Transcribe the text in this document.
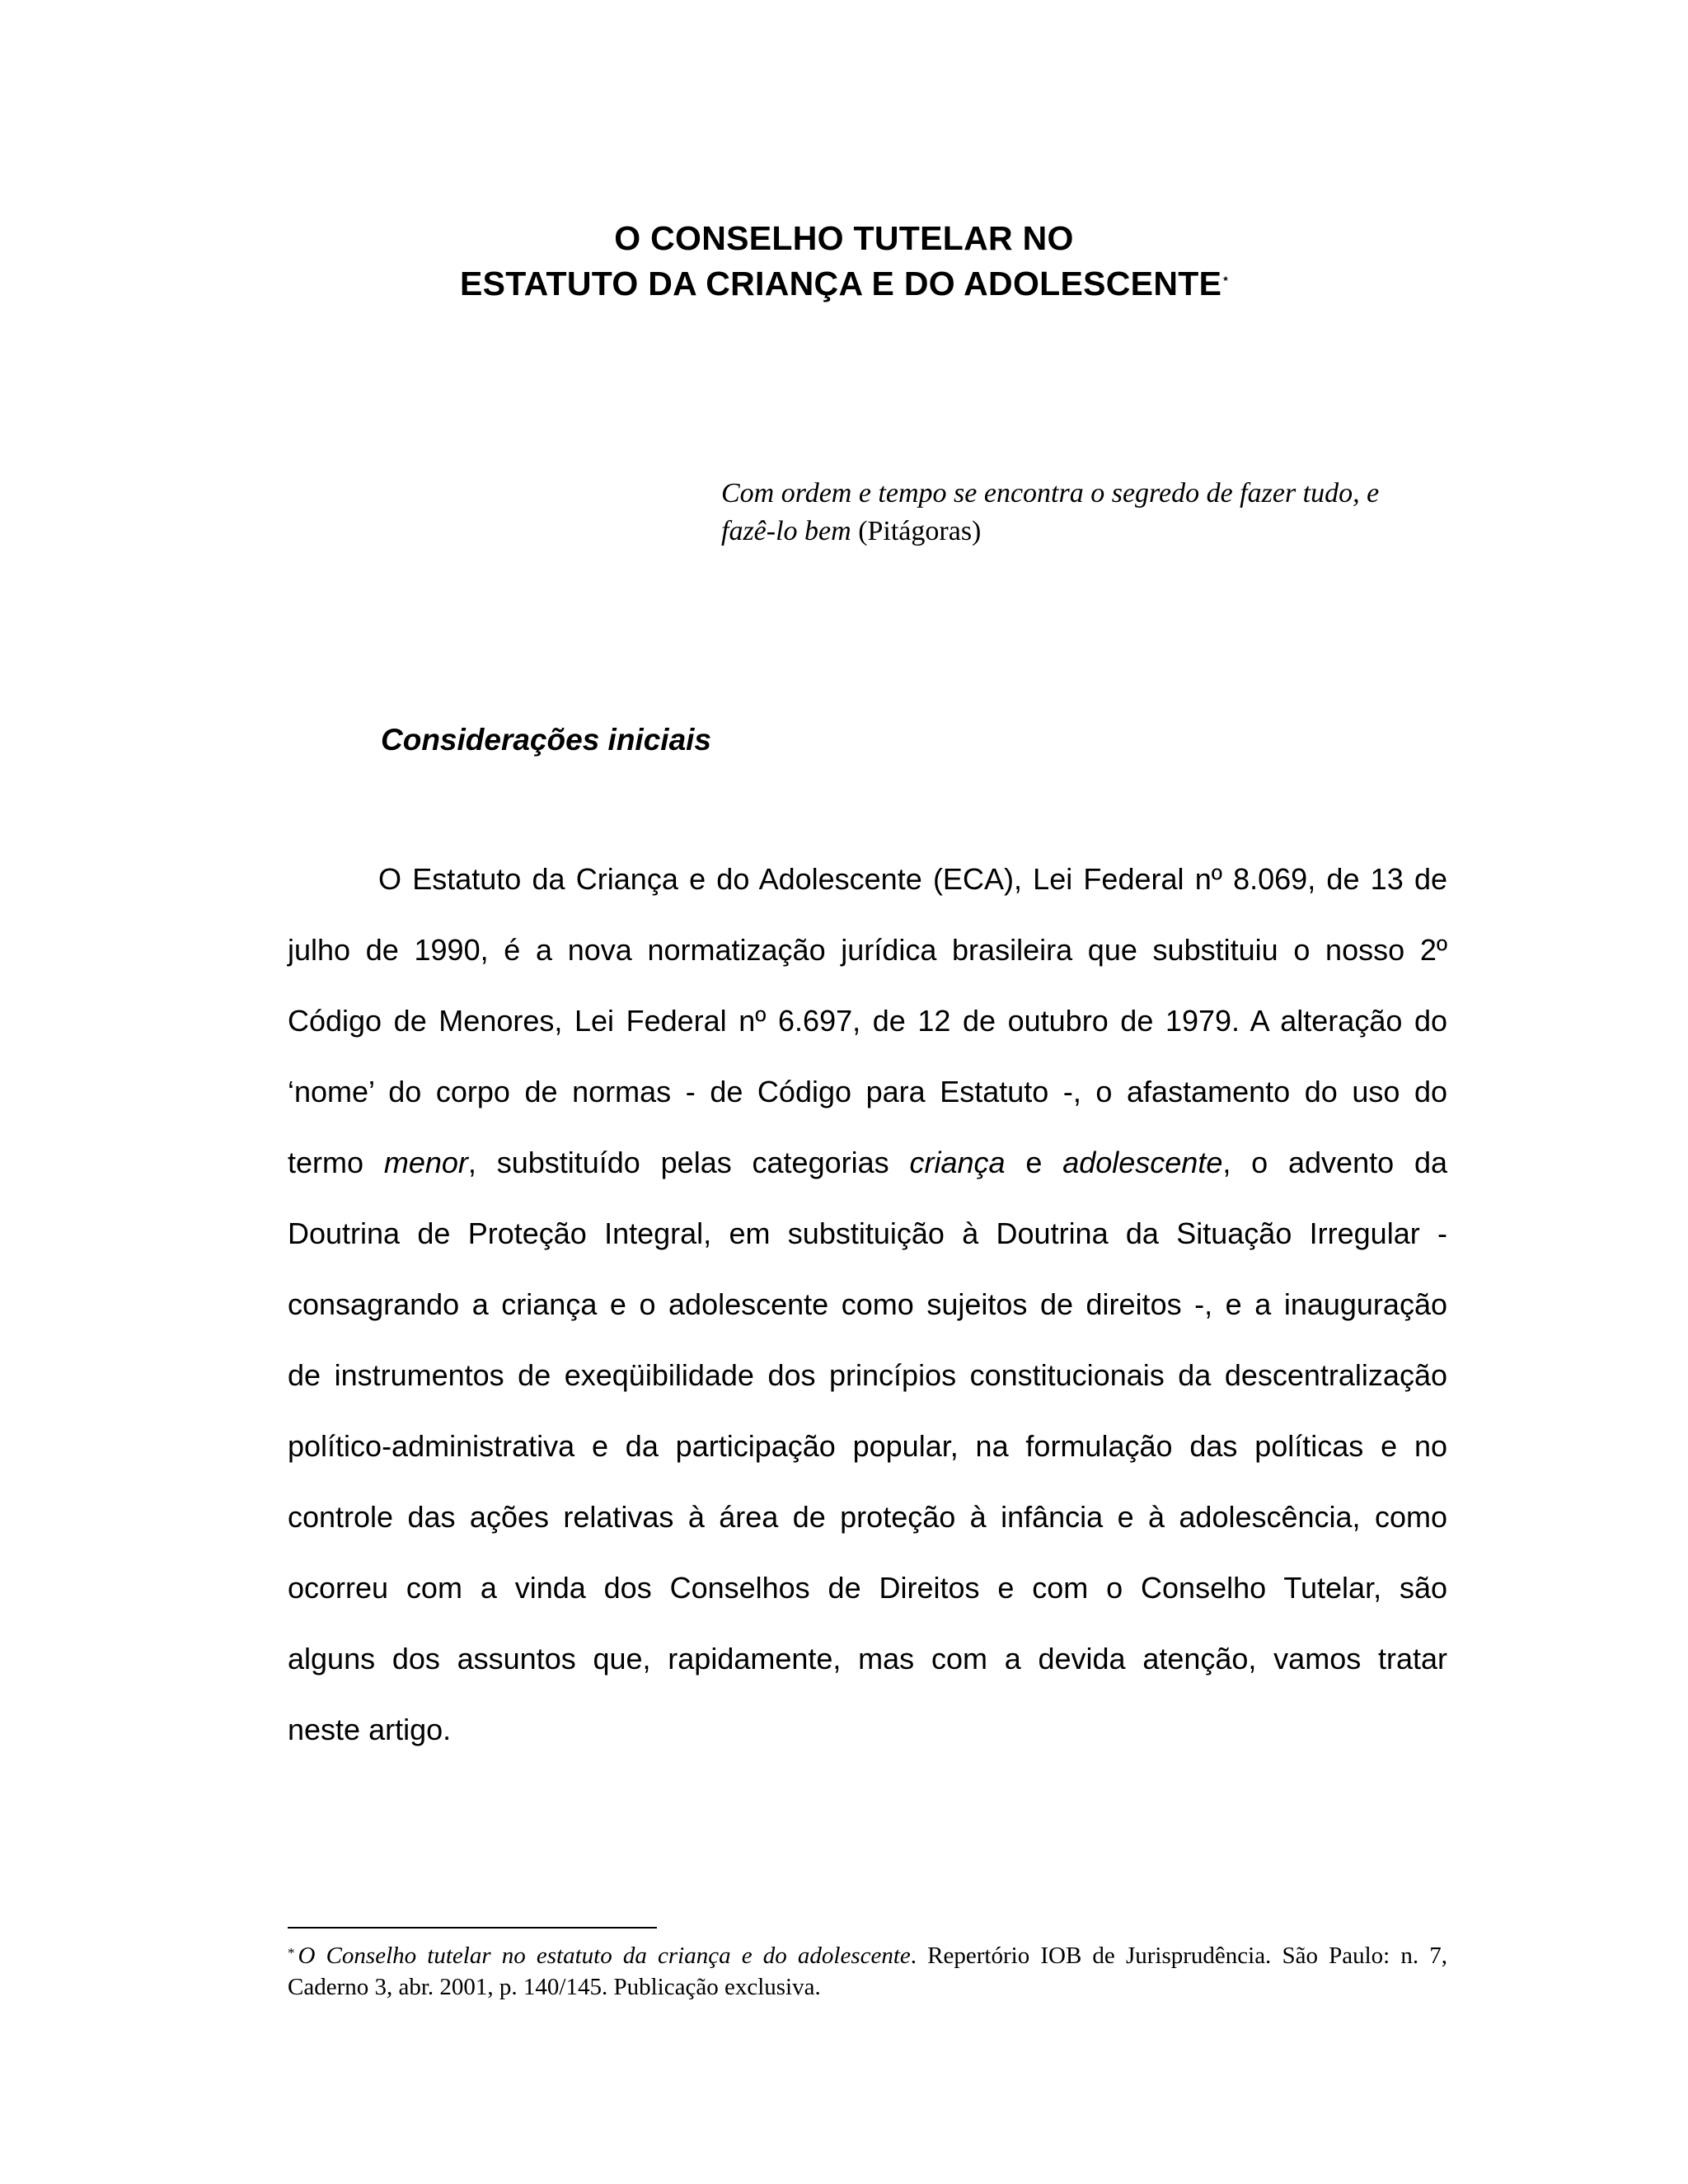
O CONSELHO TUTELAR NO
ESTATUTO DA CRIANÇA E DO ADOLESCENTE *
Com ordem e tempo se encontra o segredo de fazer tudo, e
fazê-lo bem (Pitágoras)
Considerações iniciais
O Estatuto da Criança e do Adolescente (ECA), Lei Federal nº 8.069, de 13 de
julho de 1990, é a nova normatização jurídica brasileira que substituiu o nosso 2º
Código de Menores, Lei Federal nº 6.697, de 12 de outubro de 1979. A alteração do
‘nome’ do corpo de normas - de Código para Estatuto -, o afastamento do uso do
termo menor, substituído pelas categorias criança e adolescente, o advento da
Doutrina de Proteção Integral, em substituição à Doutrina da Situação Irregular -
consagrando a criança e o adolescente como sujeitos de direitos -, e a inauguração
de instrumentos de exeqüibilidade dos princípios constitucionais da descentralização
político-administrativa e da participação popular, na formulação das políticas e no
controle das ações relativas à área de proteção à infância e à adolescência, como
ocorreu com a vinda dos Conselhos de Direitos e com o Conselho Tutelar, são
alguns dos assuntos que, rapidamente, mas com a devida atenção, vamos tratar
neste artigo.
* O Conselho tutelar no estatuto da criança e do adolescente. Repertório IOB de Jurisprudência. São Paulo: n. 7,
Caderno 3, abr. 2001, p. 140/145. Publicação exclusiva.
